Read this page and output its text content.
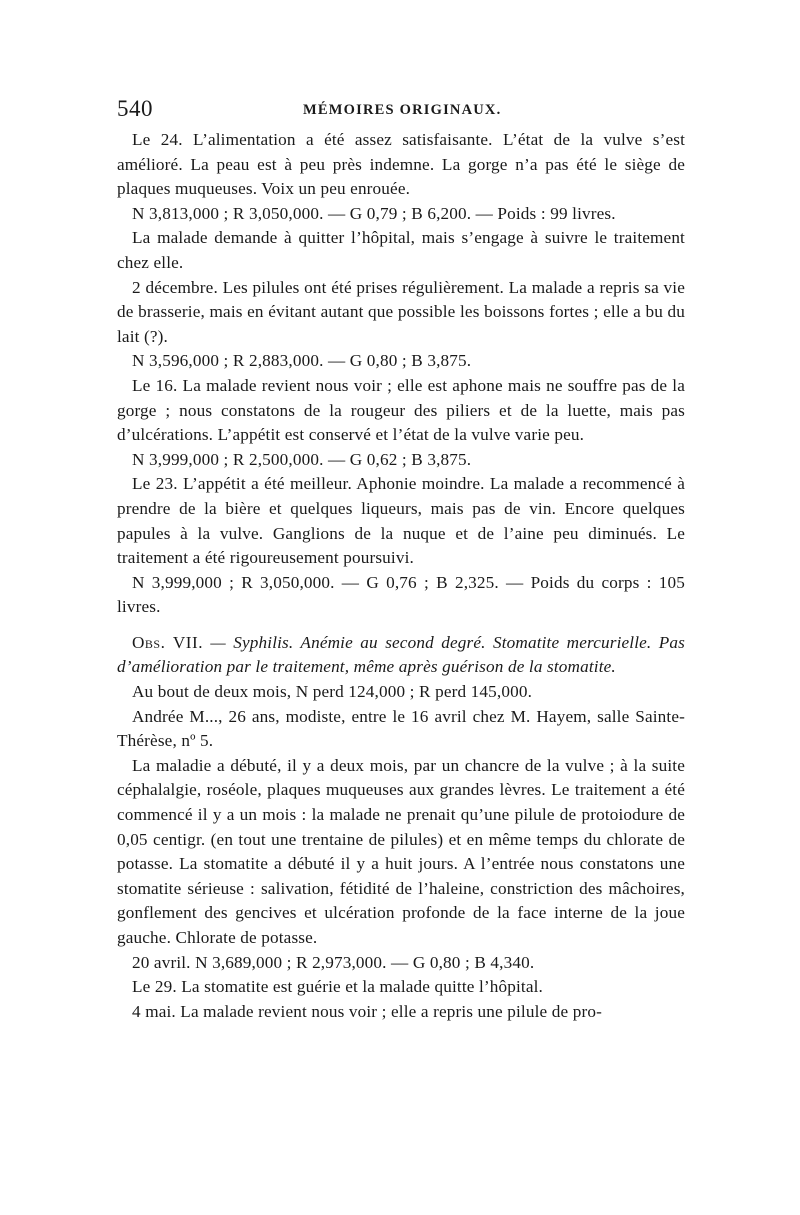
540	MÉMOIRES ORIGINAUX.

Le 24. L’alimentation a été assez satisfaisante. L’état de la vulve s’est amélioré. La peau est à peu près indemne. La gorge n’a pas été le siège de plaques muqueuses. Voix un peu enrouée.

N 3,813,000 ; R 3,050,000. — G 0,79 ; B 6,200. — Poids : 99 livres.

La malade demande à quitter l’hôpital, mais s’engage à suivre le traitement chez elle.

2 décembre. Les pilules ont été prises régulièrement. La malade a repris sa vie de brasserie, mais en évitant autant que possible les boissons fortes ; elle a bu du lait (?).

N 3,596,000 ; R 2,883,000. — G 0,80 ; B 3,875.

Le 16. La malade revient nous voir ; elle est aphone mais ne souffre pas de la gorge ; nous constatons de la rougeur des piliers et de la luette, mais pas d’ulcérations. L’appétit est conservé et l’état de la vulve varie peu.

N 3,999,000 ; R 2,500,000. — G 0,62 ; B 3,875.

Le 23. L’appétit a été meilleur. Aphonie moindre. La malade a recommencé à prendre de la bière et quelques liqueurs, mais pas de vin. Encore quelques papules à la vulve. Ganglions de la nuque et de l’aine peu diminués. Le traitement a été rigoureusement poursuivi.

N 3,999,000 ; R 3,050,000. — G 0,76 ; B 2,325. — Poids du corps : 105 livres.

Obs. VII. — Syphilis. Anémie au second degré. Stomatite mercurielle. Pas d’amélioration par le traitement, même après guérison de la stomatite.

Au bout de deux mois, N perd 124,000 ; R perd 145,000.

Andrée M..., 26 ans, modiste, entre le 16 avril chez M. Hayem, salle Sainte-Thérèse, nº 5.

La maladie a débuté, il y a deux mois, par un chancre de la vulve ; à la suite céphalalgie, roséole, plaques muqueuses aux grandes lèvres. Le traitement a été commencé il y a un mois : la malade ne prenait qu’une pilule de protoiodure de 0,05 centigr. (en tout une trentaine de pilules) et en même temps du chlorate de potasse. La stomatite a débuté il y a huit jours. A l’entrée nous constatons une stomatite sérieuse : salivation, fétidité de l’haleine, constriction des mâchoires, gonflement des gencives et ulcération profonde de la face interne de la joue gauche. Chlorate de potasse.

20 avril. N 3,689,000 ; R 2,973,000. — G 0,80 ; B 4,340.

Le 29. La stomatite est guérie et la malade quitte l’hôpital.

4 mai. La malade revient nous voir ; elle a repris une pilule de pro-
